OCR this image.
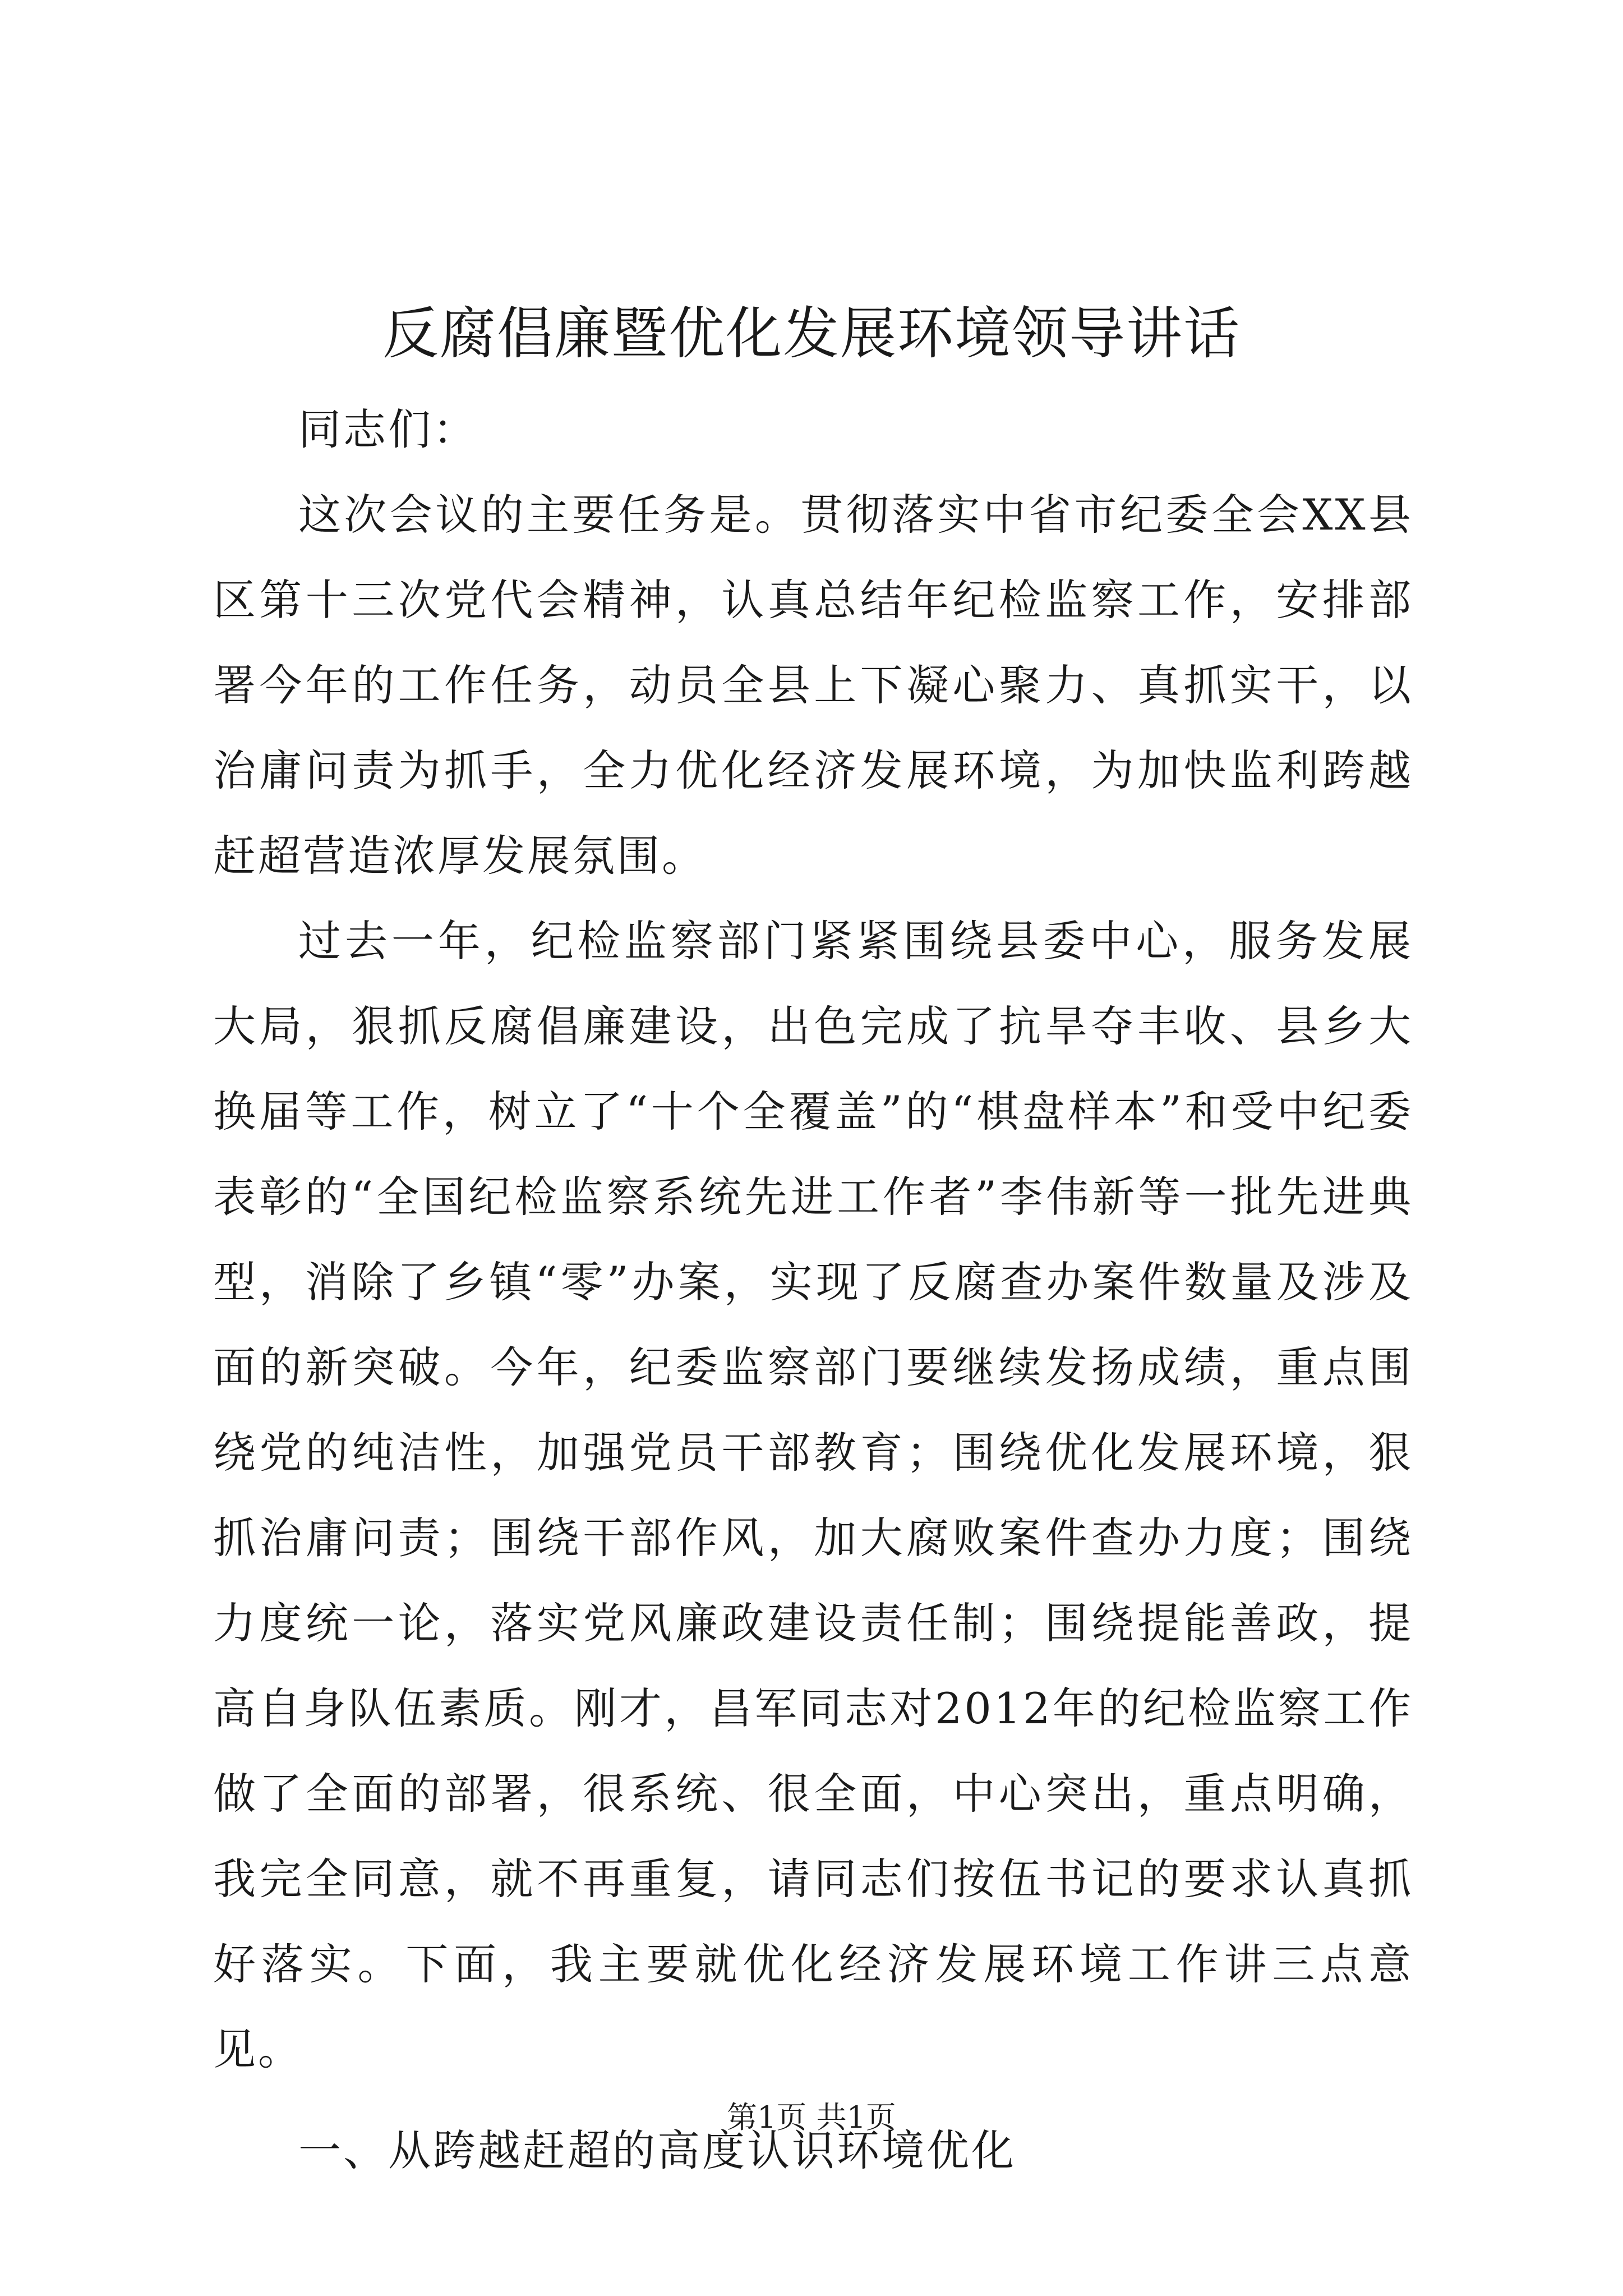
反腐倡廉暨优化发展环境领导讲话

同志们：

这次会议的主要任务是。贯彻落实中省市纪委全会XX县区第十三次党代会精神，认真总结年纪检监察工作，安排部署今年的工作任务，动员全县上下凝心聚力、真抓实干，以治庸问责为抓手，全力优化经济发展环境，为加快监利跨越赶超营造浓厚发展氛围。

过去一年，纪检监察部门紧紧围绕县委中心，服务发展大局，狠抓反腐倡廉建设，出色完成了抗旱夺丰收、县乡大换届等工作，树立了“十个全覆盖”的“棋盘样本”和受中纪委表彰的“全国纪检监察系统先进工作者”李伟新等一批先进典型，消除了乡镇“零”办案，实现了反腐查办案件数量及涉及面的新突破。今年，纪委监察部门要继续发扬成绩，重点围绕党的纯洁性，加强党员干部教育；围绕优化发展环境，狠抓治庸问责；围绕干部作风，加大腐败案件查办力度；围绕力度统一论，落实党风廉政建设责任制；围绕提能善政，提高自身队伍素质。刚才，昌军同志对2012年的纪检监察工作做了全面的部署，很系统、很全面，中心突出，重点明确，我完全同意，就不再重复，请同志们按伍书记的要求认真抓好落实。下面，我主要就优化经济发展环境工作讲三点意见。

一、从跨越赶超的高度认识环境优化

第1页 共1页
